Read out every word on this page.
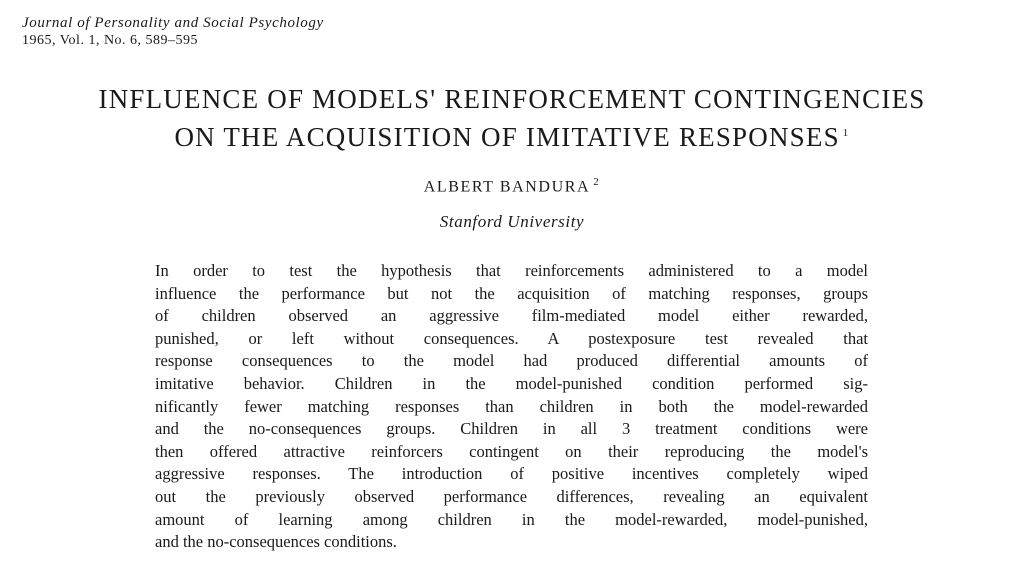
Journal of Personality and Social Psychology
1965, Vol. 1, No. 6, 589–595
INFLUENCE OF MODELS' REINFORCEMENT CONTINGENCIES
ON THE ACQUISITION OF IMITATIVE RESPONSES $^1$
ALBERT BANDURA $^2$
Stanford University
In order to test the hypothesis that reinforcements administered to a model
influence the performance but not the acquisition of matching responses, groups
of children observed an aggressive film-mediated model either rewarded,
punished, or left without consequences. A postexposure test revealed that
response consequences to the model had produced differential amounts of
imitative behavior. Children in the model-punished condition performed sig-
nificantly fewer matching responses than children in both the model-rewarded
and the no-consequences groups. Children in all 3 treatment conditions were
then offered attractive reinforcers contingent on their reproducing the model's
aggressive responses. The introduction of positive incentives completely wiped
out the previously observed performance differences, revealing an equivalent
amount of learning among children in the model-rewarded, model-punished,
and the no-consequences conditions.
